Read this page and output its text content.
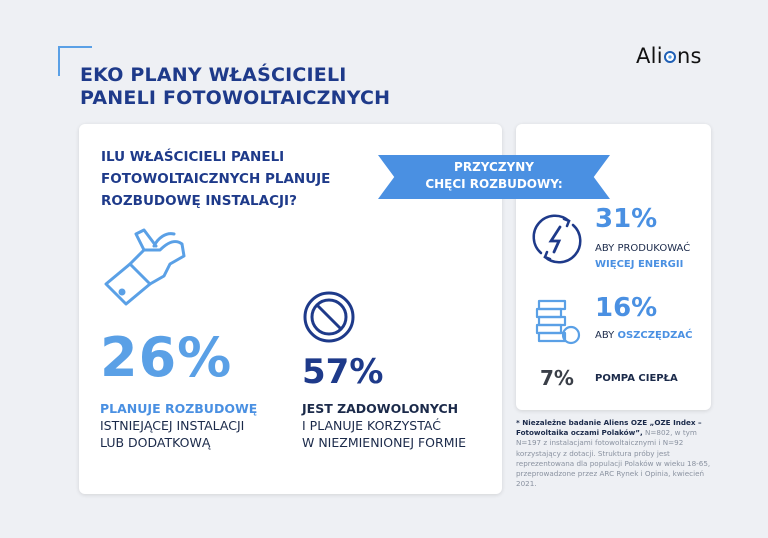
EKO PLANY WŁAŚCICIELI
PANELI FOTOWOLTAICZNYCH
Ali ns
ILU WŁAŚCICIELI PANELI
FOTOWOLTAICZNYCH PLANUJE
ROZBUDOWĘ INSTALACJI?
PRZYCZYNY
CHĘCI ROZBUDOWY:
26%
PLANUJE ROZBUDOWĘ
ISTNIEJĄCEJ INSTALACJI
LUB DODATKOWĄ
57%
JEST ZADOWOLONYCH
I PLANUJE KORZYSTAĆ
W NIEZMIENIONEJ FORMIE
31%
ABY PRODUKOWAĆ
WIĘCEJ ENERGII
16%
ABY OSZCZĘDZAĆ
7% POMPA CIEPŁA
* Niezależne badanie Aliens OZE „OZE Index – Fotowoltaika oczami Polaków”, N=802, w tym N=197 z instalacjami fotowoltaicznymi i N=92 korzystający z dotacji. Struktura próby jest reprezentowana dla populacji Polaków w wieku 18-65, przeprowadzone przez ARC Rynek i Opinia, kwiecień 2021.
